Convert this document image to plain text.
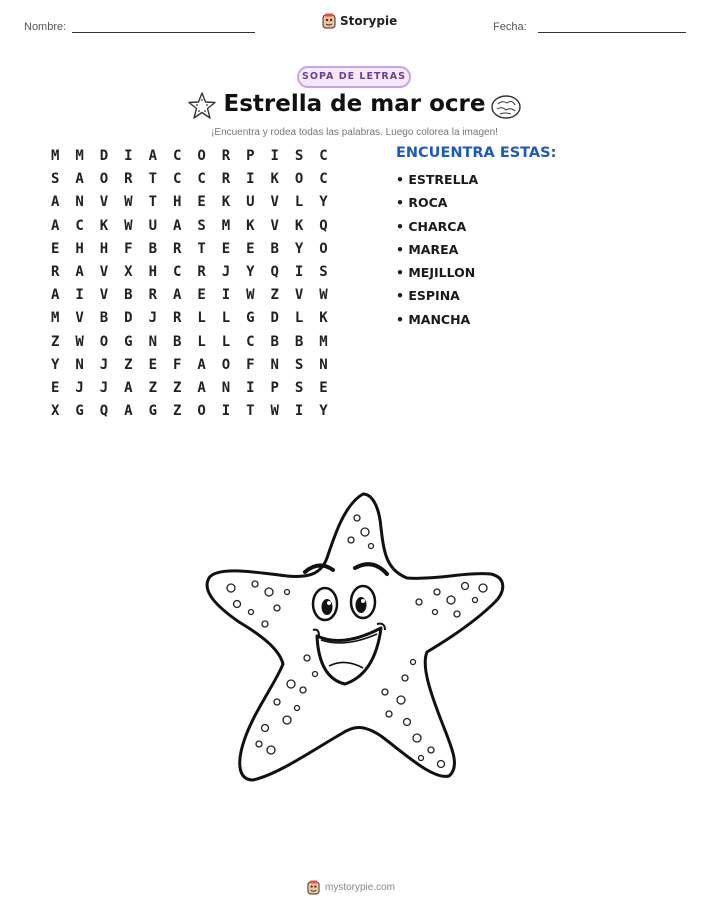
Nombre:	Storypie	Fecha:
SOPA DE LETRAS
Estrella de mar ocre
¡Encuentra y rodea todas las palabras. Luego colorea la imagen!
M	M	D	I	A	C	O	R	P	I	S	C
S	A	O	R	T	C	C	R	I	K	O	C
A	N	V	W	T	H	E	K	U	V	L	Y
A	C	K	W	U	A	S	M	K	V	K	Q
E	H	H	F	B	R	T	E	E	B	Y	O
R	A	V	X	H	C	R	J	Y	Q	I	S
A	I	V	B	R	A	E	I	W	Z	V	W
M	V	B	D	J	R	L	L	G	D	L	K
Z	W	O	G	N	B	L	L	C	B	B	M
Y	N	J	Z	E	F	A	O	F	N	S	N
E	J	J	A	Z	Z	A	N	I	P	S	E
X	G	Q	A	G	Z	O	I	T	W	I	Y
ENCUENTRA ESTAS:
• ESTRELLA
• ROCA
• CHARCA
• MAREA
• MEJILLON
• ESPINA
• MANCHA
mystorypie.com
